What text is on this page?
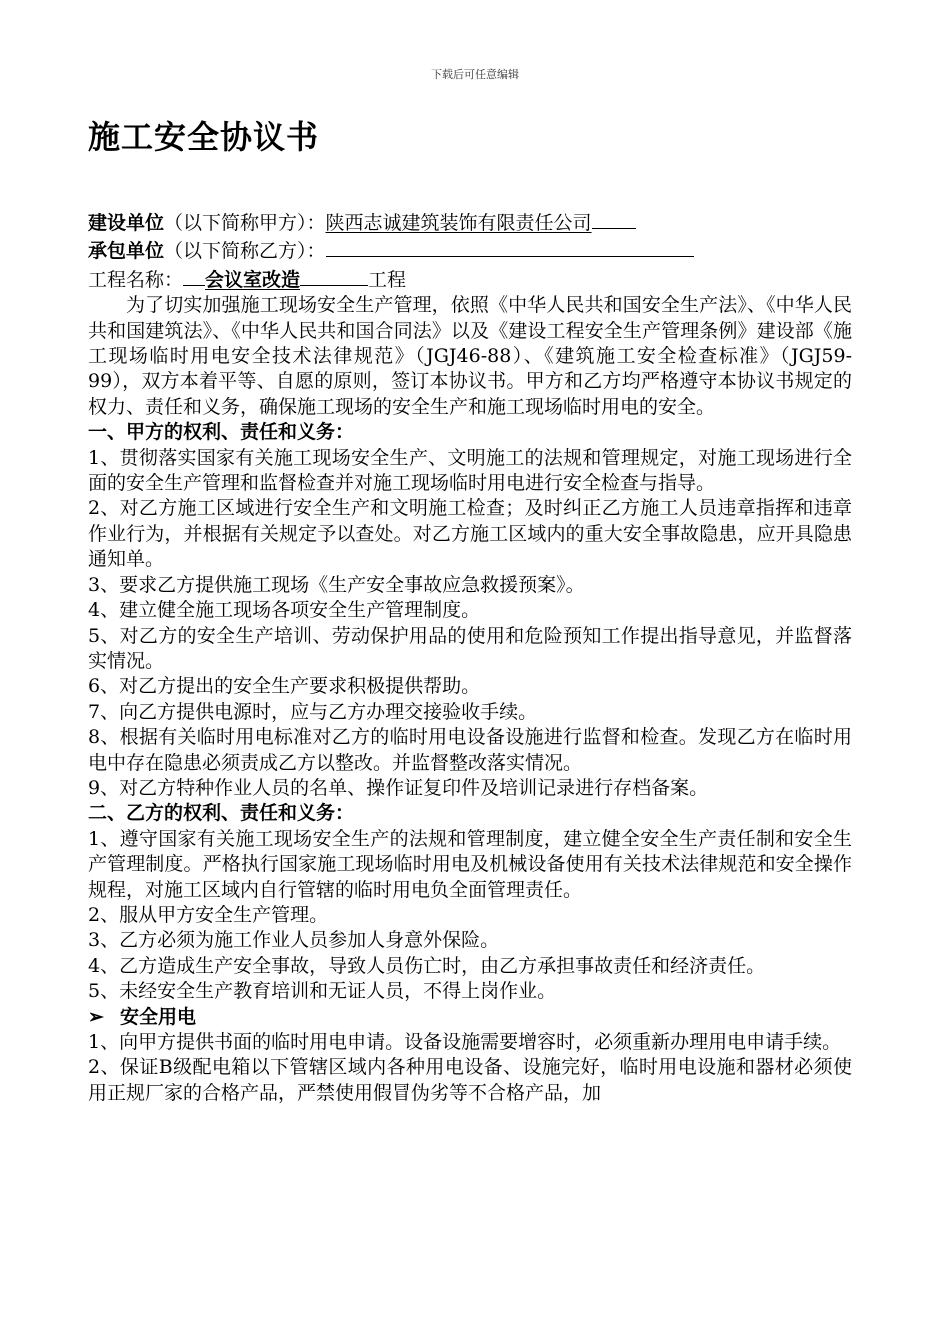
下载后可任意编辑
施工安全协议书
建设单位（以下简称甲方）：陕西志诚建筑装饰有限责任公司
承包单位（以下简称乙方）：
工程名称： 会议室改造	工程

为了切实加强施工现场安全生产管理，依照《中华人民共和国安全生产法》、《中华人民共和国建筑法》、《中华人民共和国合同法》以及《建设工程安全生产管理条例》建设部《施工现场临时用电安全技术法律规范》（JGJ46-88）、《建筑施工安全检查标准》（JGJ59-99），双方本着平等、自愿的原则，签订本协议书。甲方和乙方均严格遵守本协议书规定的权力、责任和义务，确保施工现场的安全生产和施工现场临时用电的安全。

一、甲方的权利、责任和义务：

1、贯彻落实国家有关施工现场安全生产、文明施工的法规和管理规定，对施工现场进行全面的安全生产管理和监督检查并对施工现场临时用电进行安全检查与指导。

2、对乙方施工区域进行安全生产和文明施工检查；及时纠正乙方施工人员违章指挥和违章作业行为，并根据有关规定予以查处。对乙方施工区域内的重大安全事故隐患，应开具隐患通知单。

3、要求乙方提供施工现场《生产安全事故应急救援预案》。

4、建立健全施工现场各项安全生产管理制度。

5、对乙方的安全生产培训、劳动保护用品的使用和危险预知工作提出指导意见，并监督落实情况。

6、对乙方提出的安全生产要求积极提供帮助。

7、向乙方提供电源时，应与乙方办理交接验收手续。

8、根据有关临时用电标准对乙方的临时用电设备设施进行监督和检查。发现乙方在临时用电中存在隐患必须责成乙方以整改。并监督整改落实情况。

9、对乙方特种作业人员的名单、操作证复印件及培训记录进行存档备案。

二、乙方的权利、责任和义务：

1、遵守国家有关施工现场安全生产的法规和管理制度，建立健全安全生产责任制和安全生产管理制度。严格执行国家施工现场临时用电及机械设备使用有关技术法律规范和安全操作规程，对施工区域内自行管辖的临时用电负全面管理责任。

2、服从甲方安全生产管理。

3、乙方必须为施工作业人员参加人身意外保险。

4、乙方造成生产安全事故，导致人员伤亡时，由乙方承担事故责任和经济责任。

5、未经安全生产教育培训和无证人员，不得上岗作业。

➢ 安全用电

1、向甲方提供书面的临时用电申请。设备设施需要增容时，必须重新办理用电申请手续。

2、保证B级配电箱以下管辖区域内各种用电设备、设施完好，临时用电设施和器材必须使用正规厂家的合格产品，严禁使用假冒伪劣等不合格产品，加
